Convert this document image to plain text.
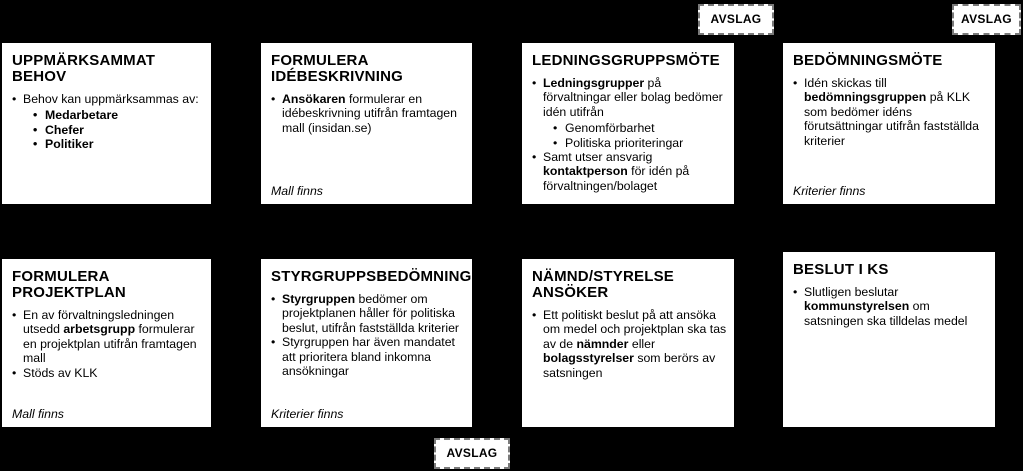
AVSLAG	AVSLAG
AVSLAG
UPPMÄRKSAMMAT BEHOV
• Behov kan uppmärksammas av:
• Medarbetare
• Chefer
• Politiker
FORMULERA IDÉBESKRIVNING
• Ansökaren formulerar en idébeskrivning utifrån framtagen mall (insidan.se)
Mall finns
LEDNINGSGRUPPSMÖTE
• Ledningsgrupper på förvaltningar eller bolag bedömer idén utifrån
• Genomförbarhet
• Politiska prioriteringar
• Samt utser ansvarig kontaktperson för idén på förvaltningen/bolaget
BEDÖMNINGSMÖTE
• Idén skickas till bedömningsgruppen på KLK som bedömer idéns förutsättningar utifrån fastställda kriterier
Kriterier finns
FORMULERA PROJEKTPLAN
• En av förvaltningsledningen utsedd arbetsgrupp formulerar en projektplan utifrån framtagen mall
• Stöds av KLK
Mall finns
STYRGRUPPSBEDÖMNING
• Styrgruppen bedömer om projektplanen håller för politiska beslut, utifrån fastställda kriterier
• Styrgruppen har även mandatet att prioritera bland inkomna ansökningar
Kriterier finns
NÄMND/STYRELSE ANSÖKER
• Ett politiskt beslut på att ansöka om medel och projektplan ska tas av de nämnder eller bolagsstyrelser som berörs av satsningen
BESLUT I KS
• Slutligen beslutar kommunstyrelsen om satsningen ska tilldelas medel
